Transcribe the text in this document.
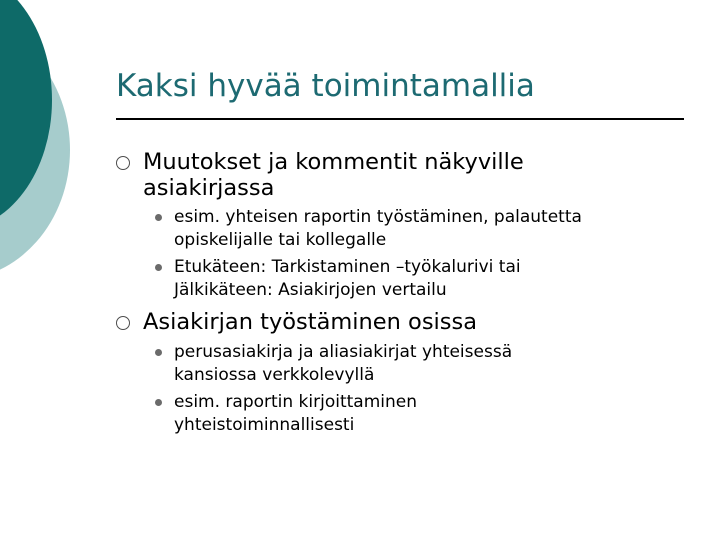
Kaksi hyvää toimintamallia
Muutokset ja kommentit näkyville
asiakirjassa
esim. yhteisen raportin työstäminen, palautetta
opiskelijalle tai kollegalle
Etukäteen: Tarkistaminen –työkalurivi tai
Jälkikäteen: Asiakirjojen vertailu
Asiakirjan työstäminen osissa
perusasiakirja ja aliasiakirjat yhteisessä
kansiossa verkkolevyllä
esim. raportin kirjoittaminen
yhteistoiminnallisesti
